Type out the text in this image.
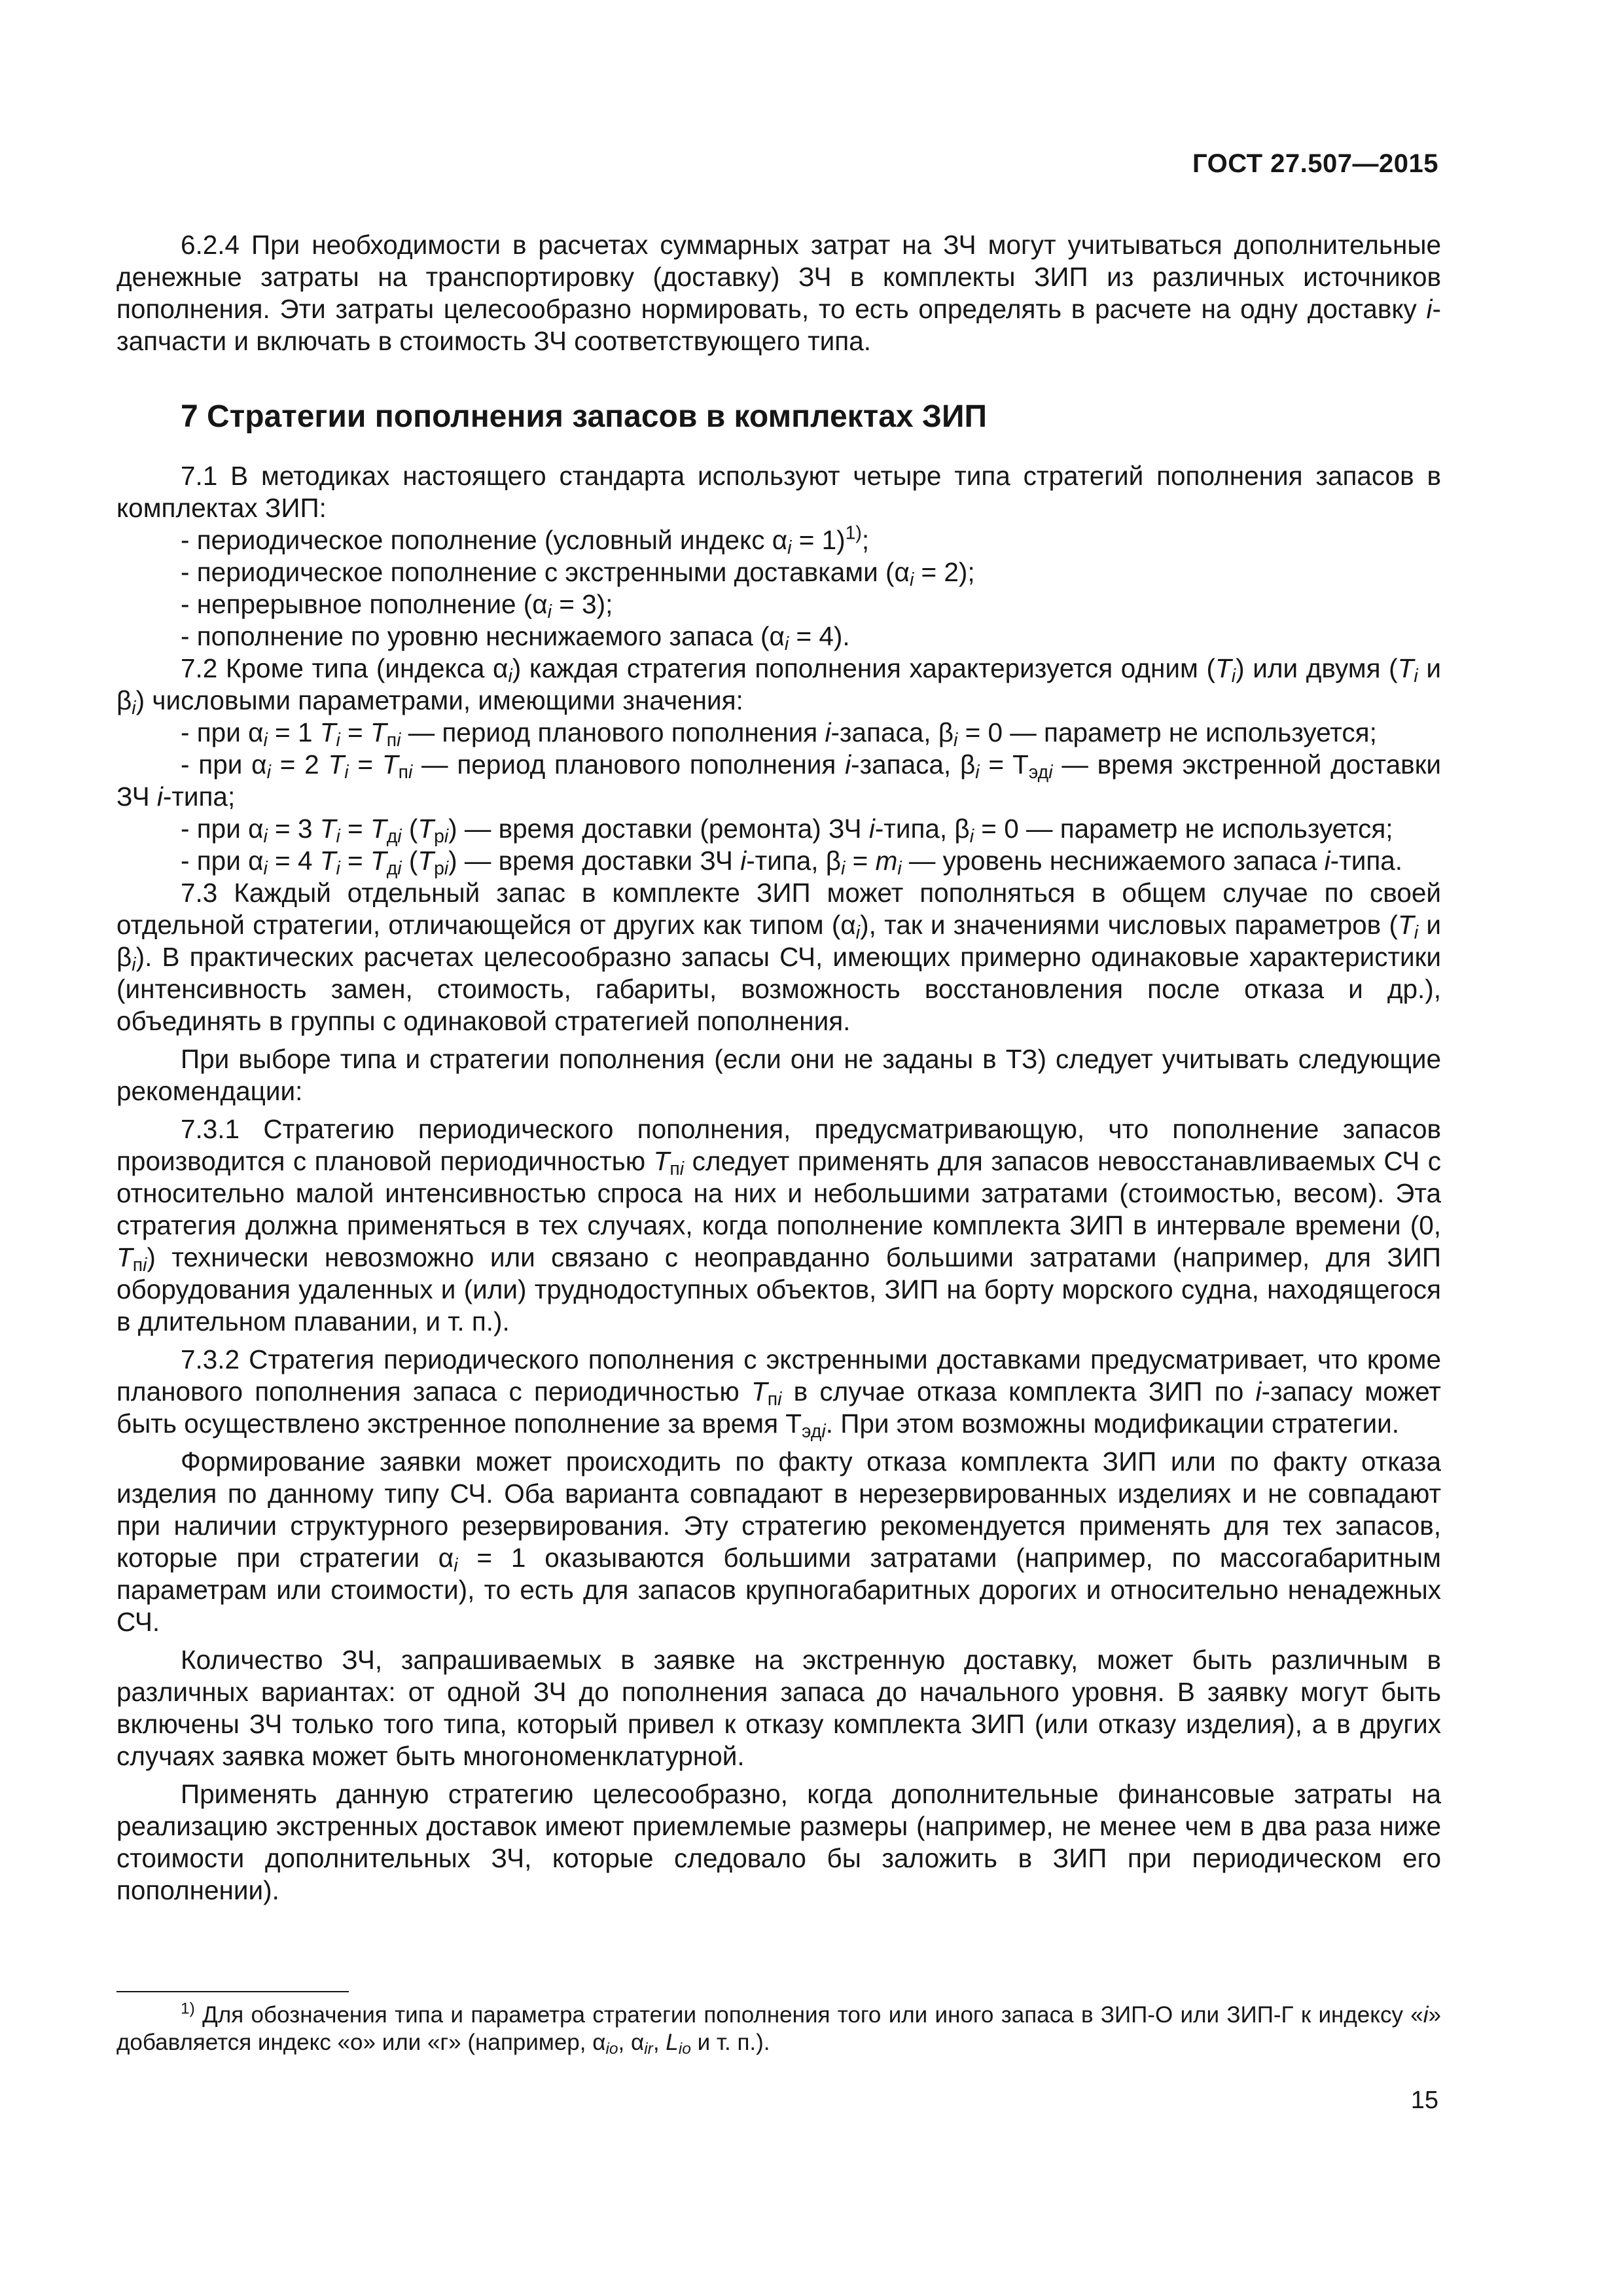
ГОСТ 27.507—2015

6.2.4 При необходимости в расчетах суммарных затрат на ЗЧ могут учитываться дополнительные денежные затраты на транспортировку (доставку) ЗЧ в комплекты ЗИП из различных источников пополнения. Эти затраты целесообразно нормировать, то есть определять в расчете на одну доставку i-запчасти и включать в стоимость ЗЧ соответствующего типа.

7 Стратегии пополнения запасов в комплектах ЗИП

7.1 В методиках настоящего стандарта используют четыре типа стратегий пополнения запасов в комплектах ЗИП:

- периодическое пополнение (условный индекс $\alpha_i = 1)^{1)}$;

- периодическое пополнение с экстренными доставками $(\alpha_i = 2)$;

- непрерывное пополнение $(\alpha_i = 3)$;

- пополнение по уровню неснижаемого запаса $(\alpha_i = 4)$.

7.2 Кроме типа (индекса $\alpha_i$) каждая стратегия пополнения характеризуется одним $(T_i)$ или двумя ($T_i$ и $\beta_i$) числовыми параметрами, имеющими значения:

- при $\alpha_i = 1$ $T_i = T_{пi}$ — период планового пополнения i-запаса, $\beta_i = 0$ — параметр не используется;

- при $\alpha_i = 2$ $T_i = T_{пi}$ — период планового пополнения i-запаса, $\beta_i = T_{эдi}$ — время экстренной доставки ЗЧ i-типа;

- при $\alpha_i = 3$ $T_i = T_{дi}$ $(T_{рi})$ — время доставки (ремонта) ЗЧ i-типа, $\beta_i = 0$ — параметр не используется;

- при $\alpha_i = 4$ $T_i = T_{дi}$ $(T_{рi})$ — время доставки ЗЧ i-типа, $\beta_i = m_i$ — уровень неснижаемого запаса i-типа.

7.3 Каждый отдельный запас в комплекте ЗИП может пополняться в общем случае по своей отдельной стратегии, отличающейся от других как типом $(\alpha_i)$, так и значениями числовых параметров ($T_i$ и $\beta_i$). В практических расчетах целесообразно запасы СЧ, имеющих примерно одинаковые характеристики (интенсивность замен, стоимость, габариты, возможность восстановления после отказа и др.), объединять в группы с одинаковой стратегией пополнения.

При выборе типа и стратегии пополнения (если они не заданы в ТЗ) следует учитывать следующие рекомендации:

7.3.1 Стратегию периодического пополнения, предусматривающую, что пополнение запасов производится с плановой периодичностью $T_{пi}$ следует применять для запасов невосстанавливаемых СЧ с относительно малой интенсивностью спроса на них и небольшими затратами (стоимостью, весом). Эта стратегия должна применяться в тех случаях, когда пополнение комплекта ЗИП в интервале времени (0, $T_{пi}$) технически невозможно или связано с неоправданно большими затратами (например, для ЗИП оборудования удаленных и (или) труднодоступных объектов, ЗИП на борту морского судна, находящегося в длительном плавании, и т. п.).

7.3.2 Стратегия периодического пополнения с экстренными доставками предусматривает, что кроме планового пополнения запаса с периодичностью $T_{пi}$ в случае отказа комплекта ЗИП по i-запасу может быть осуществлено экстренное пополнение за время $T_{эдi}$. При этом возможны модификации стратегии.

Формирование заявки может происходить по факту отказа комплекта ЗИП или по факту отказа изделия по данному типу СЧ. Оба варианта совпадают в нерезервированных изделиях и не совпадают при наличии структурного резервирования. Эту стратегию рекомендуется применять для тех запасов, которые при стратегии $\alpha_i = 1$ оказываются большими затратами (например, по массогабаритным параметрам или стоимости), то есть для запасов крупногабаритных дорогих и относительно ненадежных СЧ.

Количество ЗЧ, запрашиваемых в заявке на экстренную доставку, может быть различным в различных вариантах: от одной ЗЧ до пополнения запаса до начального уровня. В заявку могут быть включены ЗЧ только того типа, который привел к отказу комплекта ЗИП (или отказу изделия), а в других случаях заявка может быть многономенклатурной.

Применять данную стратегию целесообразно, когда дополнительные финансовые затраты на реализацию экстренных доставок имеют приемлемые размеры (например, не менее чем в два раза ниже стоимости дополнительных ЗЧ, которые следовало бы заложить в ЗИП при периодическом его пополнении).

$^{1)}$ Для обозначения типа и параметра стратегии пополнения того или иного запаса в ЗИП-О или ЗИП-Г к индексу «i» добавляется индекс «о» или «г» (например, $\alpha_{io}$, $\alpha_{ir}$, $L_{io}$ и т. п.).
15
